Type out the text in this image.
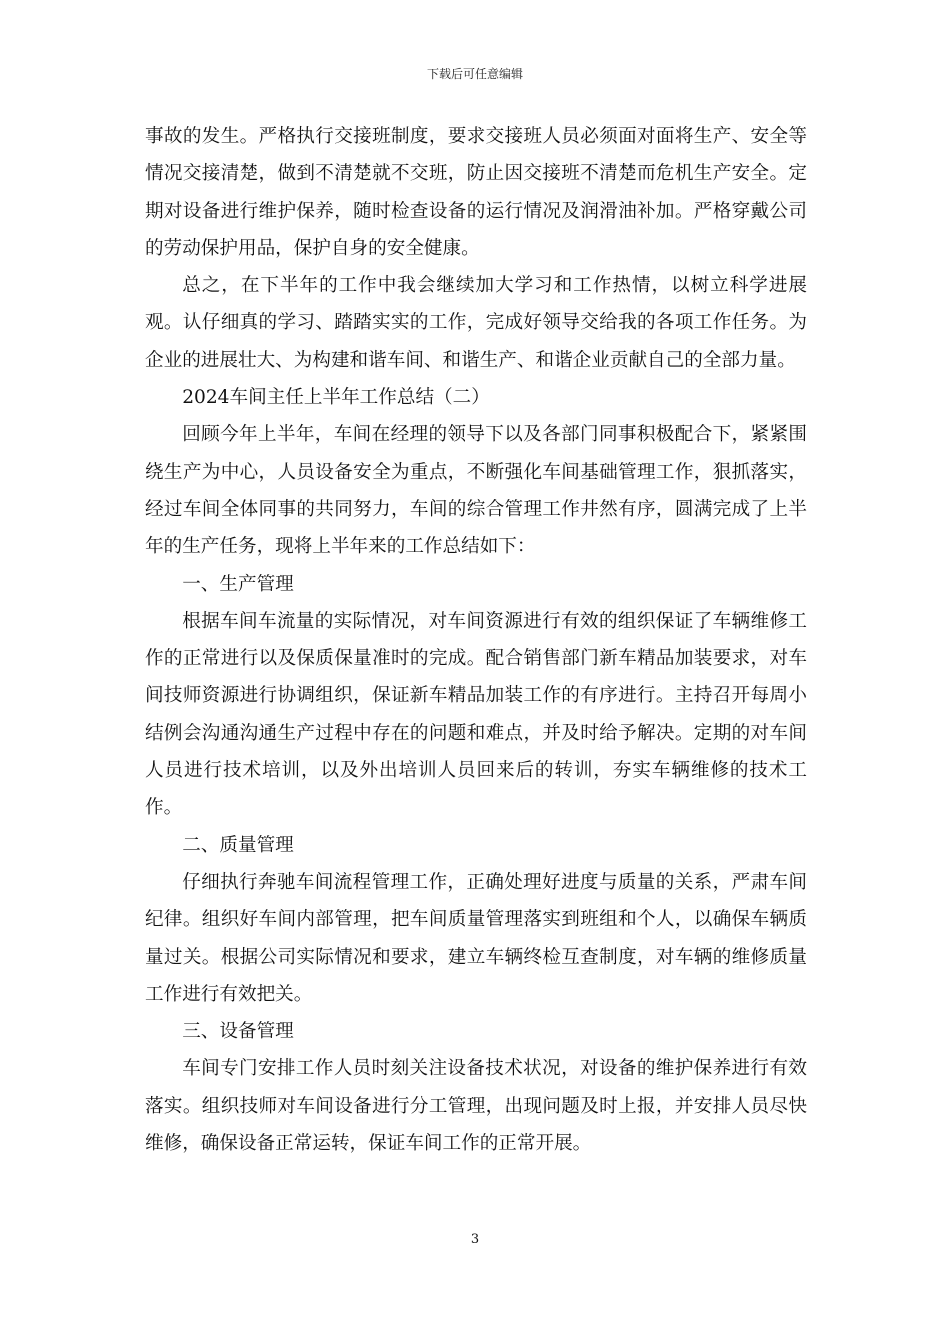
下载后可任意编辑

事故的发生。严格执行交接班制度，要求交接班人员必须面对面将生产、安全等情况交接清楚，做到不清楚就不交班，防止因交接班不清楚而危机生产安全。定期对设备进行维护保养，随时检查设备的运行情况及润滑油补加。严格穿戴公司的劳动保护用品，保护自身的安全健康。

总之，在下半年的工作中我会继续加大学习和工作热情，以树立科学进展观。认仔细真的学习、踏踏实实的工作，完成好领导交给我的各项工作任务。为企业的进展壮大、为构建和谐车间、和谐生产、和谐企业贡献自己的全部力量。

2024车间主任上半年工作总结（二）

回顾今年上半年，车间在经理的领导下以及各部门同事积极配合下，紧紧围绕生产为中心，人员设备安全为重点，不断强化车间基础管理工作，狠抓落实，经过车间全体同事的共同努力，车间的综合管理工作井然有序，圆满完成了上半年的生产任务，现将上半年来的工作总结如下：

一、生产管理

根据车间车流量的实际情况，对车间资源进行有效的组织保证了车辆维修工作的正常进行以及保质保量准时的完成。配合销售部门新车精品加装要求，对车间技师资源进行协调组织，保证新车精品加装工作的有序进行。主持召开每周小结例会沟通沟通生产过程中存在的问题和难点，并及时给予解决。定期的对车间人员进行技术培训，以及外出培训人员回来后的转训，夯实车辆维修的技术工作。

二、质量管理

仔细执行奔驰车间流程管理工作，正确处理好进度与质量的关系，严肃车间纪律。组织好车间内部管理，把车间质量管理落实到班组和个人，以确保车辆质量过关。根据公司实际情况和要求，建立车辆终检互查制度，对车辆的维修质量工作进行有效把关。

三、设备管理

车间专门安排工作人员时刻关注设备技术状况，对设备的维护保养进行有效落实。组织技师对车间设备进行分工管理，出现问题及时上报，并安排人员尽快维修，确保设备正常运转，保证车间工作的正常开展。

3
